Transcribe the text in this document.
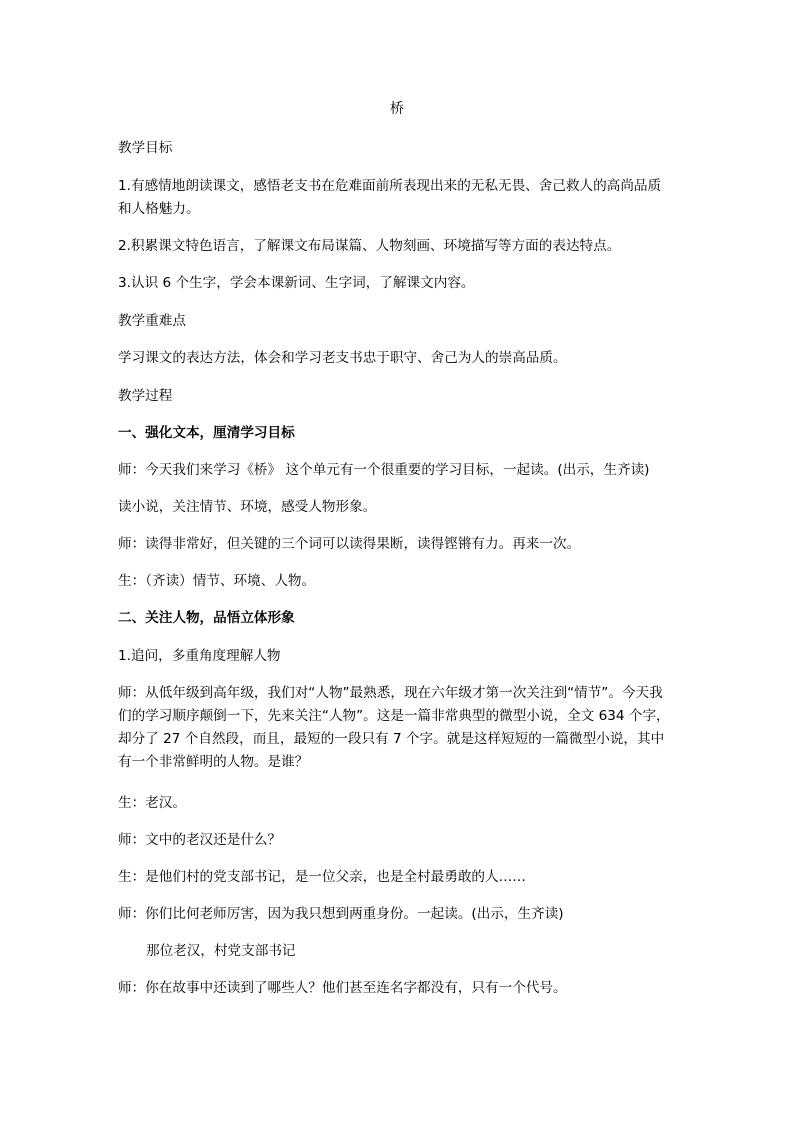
桥

教学目标

1.有感情地朗读课文，感悟老支书在危难面前所表现出来的无私无畏、舍己救人的高尚品质

和人格魅力。

2.积累课文特色语言，了解课文布局谋篇、人物刻画、环境描写等方面的表达特点。

3.认识 6 个生字，学会本课新词、生字词，了解课文内容。

教学重难点

学习课文的表达方法，体会和学习老支书忠于职守、舍己为人的崇高品质。

教学过程

一、强化文本，厘清学习目标

师：今天我们来学习《桥》 这个单元有一个很重要的学习目标，一起读。(出示，生齐读)

读小说，关注情节、环境，感受人物形象。

师：读得非常好，但关键的三个词可以读得果断，读得铿锵有力。再来一次。

生：（齐读）情节、环境、人物。

二、关注人物，品悟立体形象

1.追问，多重角度理解人物

师：从低年级到高年级，我们对“人物”最熟悉，现在六年级才第一次关注到“情节”。今天我

们的学习顺序颠倒一下，先来关注“人物”。这是一篇非常典型的微型小说，全文 634 个字，

却分了 27 个自然段，而且，最短的一段只有 7 个字。就是这样短短的一篇微型小说，其中

有一个非常鲜明的人物。是谁？

生：老汉。

师：文中的老汉还是什么？

生：是他们村的党支部书记，是一位父亲，也是全村最勇敢的人……

师：你们比何老师厉害，因为我只想到两重身份。一起读。(出示，生齐读)

那位老汉，村党支部书记

师：你在故事中还读到了哪些人？他们甚至连名字都没有，只有一个代号。
